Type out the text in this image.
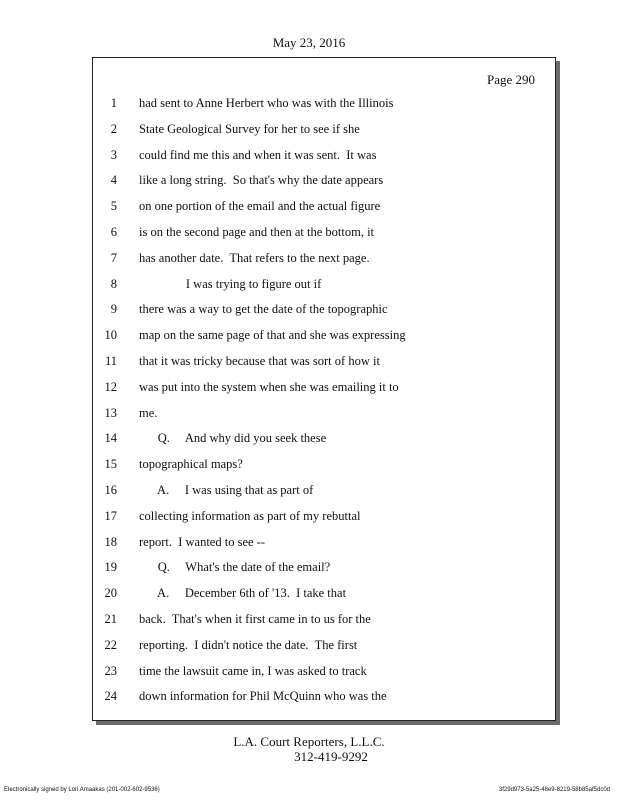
May 23, 2016
Page 290
1 had sent to Anne Herbert who was with the Illinois
2 State Geological Survey for her to see if she
3 could find me this and when it was sent.  It was
4 like a long string.  So that's why the date appears
5 on one portion of the email and the actual figure
6 is on the second page and then at the bottom, it
7 has another date.  That refers to the next page.
8 I was trying to figure out if
9 there was a way to get the date of the topographic
10 map on the same page of that and she was expressing
11 that it was tricky because that was sort of how it
12 was put into the system when she was emailing it to
13 me.
14 Q.     And why did you seek these
15 topographical maps?
16 A.     I was using that as part of
17 collecting information as part of my rebuttal
18 report.  I wanted to see --
19 Q.     What's the date of the email?
20 A.     December 6th of '13.  I take that
21 back.  That's when it first came in to us for the
22 reporting.  I didn't notice the date.  The first
23 time the lawsuit came in, I was asked to track
24 down information for Phil McQuinn who was the
L.A. Court Reporters, L.L.C.
312-419-9292
Electronically signed by Lori Amaakas (201-002-602-9536)	3f29d973-5a25-48e9-8219-58b85af5dc0d
